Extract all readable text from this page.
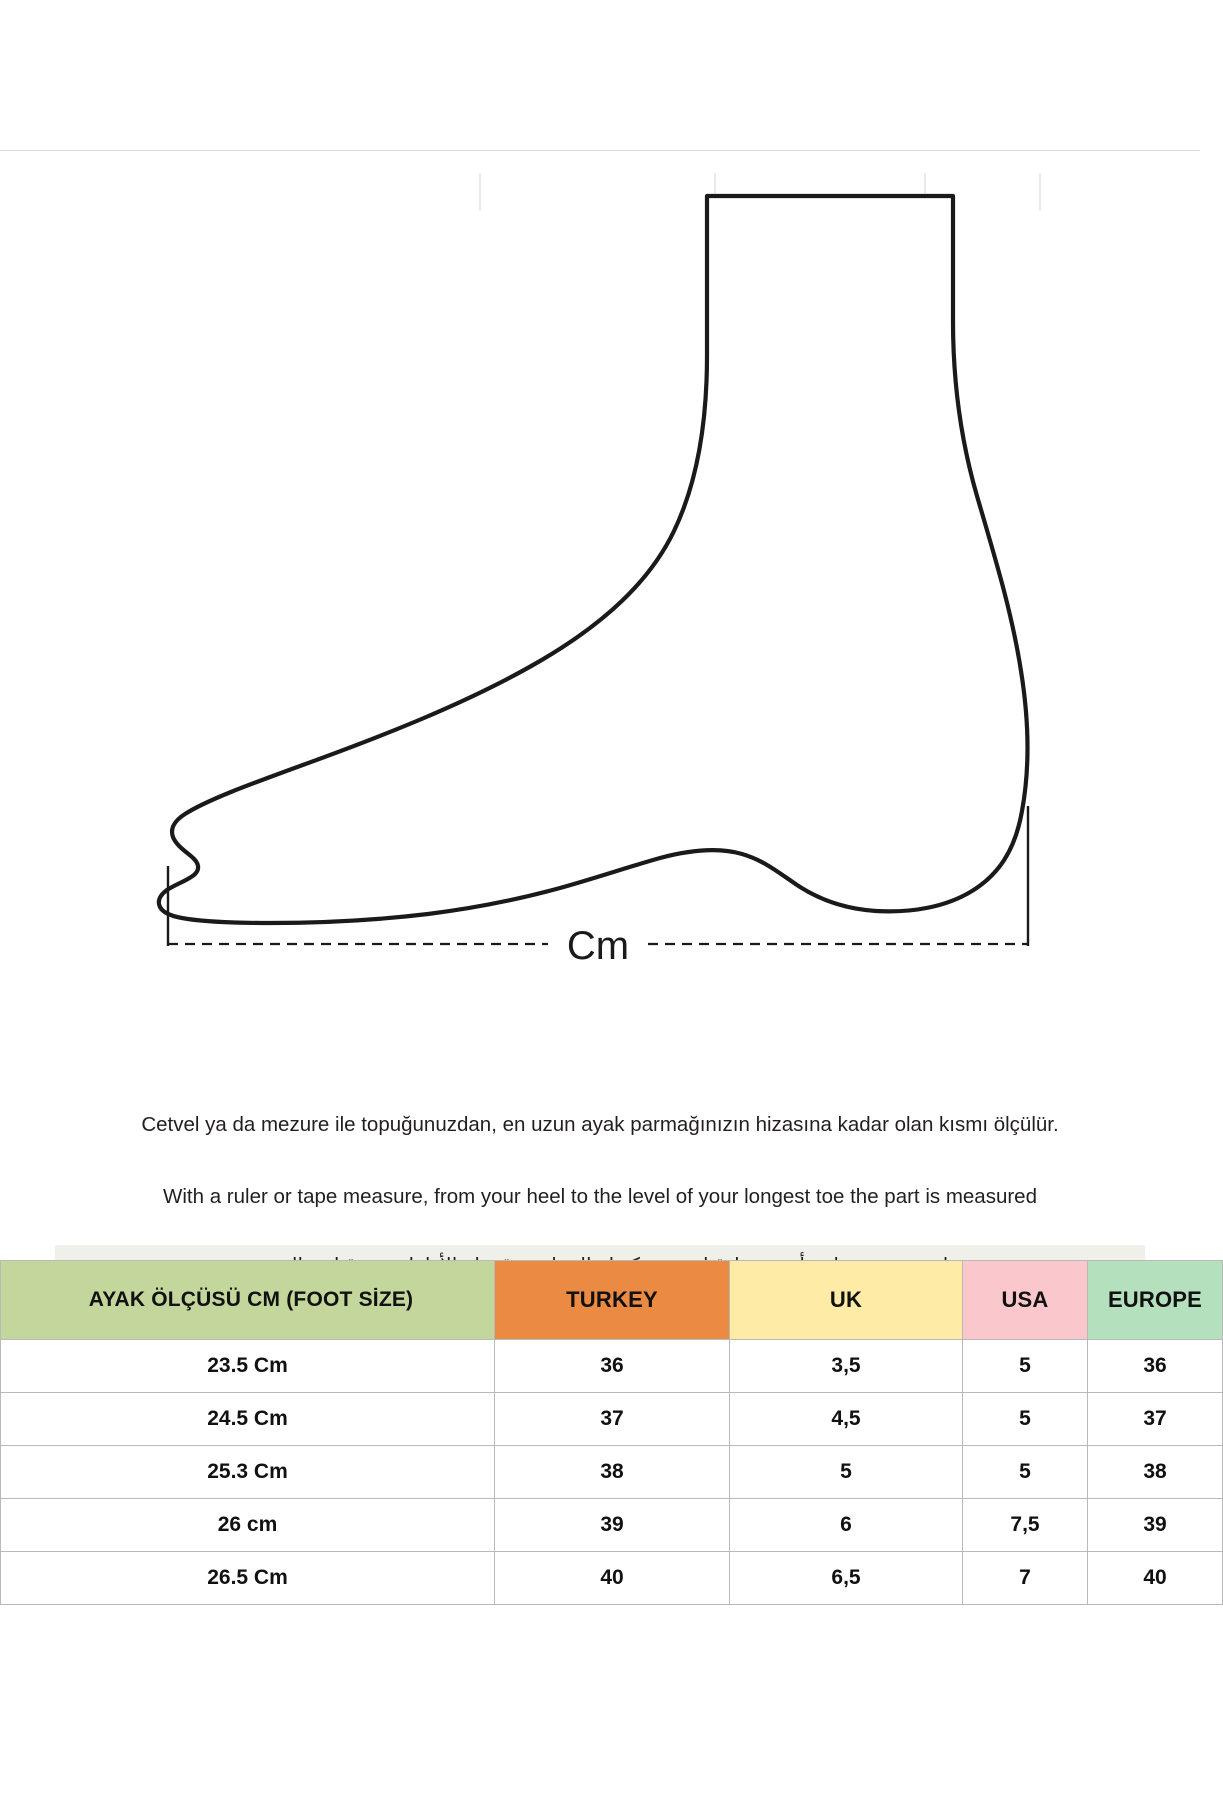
Cm
Cetvel ya da mezure ile topuğunuzdan, en uzun ayak parmağınızın hizasına kadar olan kısmı ölçülür.
With a ruler or tape measure, from your heel to the level of your longest toe the part is measured
AYAK ÖLÇÜSÜ CM (FOOT SİZE)	TURKEY	UK	USA	EUROPE
23.5 Cm	36	3,5	5	36
24.5 Cm	37	4,5	5	37
25.3 Cm	38	5	5	38
26 cm	39	6	7,5	39
26.5 Cm	40	6,5	7	40
